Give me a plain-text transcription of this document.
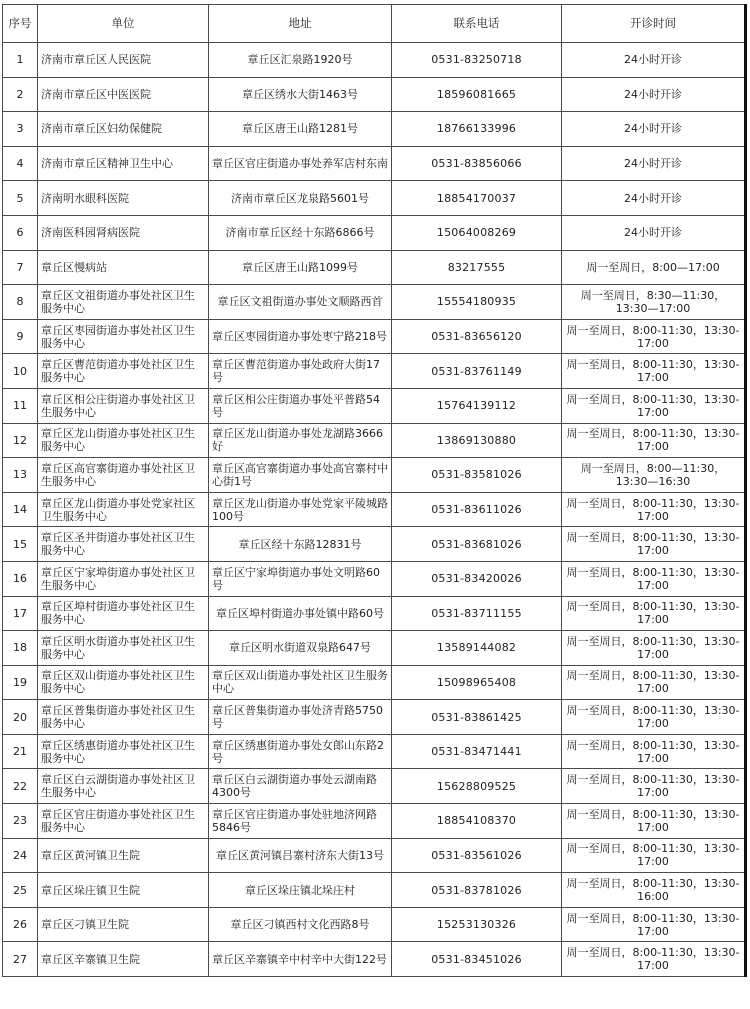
序号	单位	地址	联系电话	开诊时间
1	济南市章丘区人民医院	章丘区汇泉路1920号	0531-83250718	24小时开诊
2	济南市章丘区中医医院	章丘区绣水大街1463号	18596081665	24小时开诊
3	济南市章丘区妇幼保健院	章丘区唐王山路1281号	18766133996	24小时开诊
4	济南市章丘区精神卫生中心	章丘区官庄街道办事处养军店村东南	0531-83856066	24小时开诊
5	济南明水眼科医院	济南市章丘区龙泉路5601号	18854170037	24小时开诊
6	济南医科园肾病医院	济南市章丘区经十东路6866号	15064008269	24小时开诊
7	章丘区慢病站	章丘区唐王山路1099号	83217555	周一至周日，8:00—17:00
8	章丘区文祖街道办事处社区卫生服务中心	章丘区文祖街道办事处文顺路西首	15554180935	周一至周日，8:30—11:30，13:30—17:00
9	章丘区枣园街道办事处社区卫生服务中心	章丘区枣园街道办事处枣宁路218号	0531-83656120	周一至周日，8:00-11:30，13:30-17:00
10	章丘区曹范街道办事处社区卫生服务中心	章丘区曹范街道办事处政府大街17号	0531-83761149	周一至周日，8:00-11:30，13:30-17:00
11	章丘区相公庄街道办事处社区卫生服务中心	章丘区相公庄街道办事处平普路54号	15764139112	周一至周日，8:00-11:30，13:30-17:00
12	章丘区龙山街道办事处社区卫生服务中心	章丘区龙山街道办事处龙湖路3666好	13869130880	周一至周日，8:00-11:30，13:30-17:00
13	章丘区高官寨街道办事处社区卫生服务中心	章丘区高官寨街道办事处高官寨村中心街1号	0531-83581026	周一至周日，8:00—11:30，13:30—16:30
14	章丘区龙山街道办事处党家社区卫生服务中心	章丘区龙山街道办事处党家平陵城路100号	0531-83611026	周一至周日，8:00-11:30，13:30-17:00
15	章丘区圣井街道办事处社区卫生服务中心	章丘区经十东路12831号	0531-83681026	周一至周日，8:00-11:30，13:30-17:00
16	章丘区宁家埠街道办事处社区卫生服务中心	章丘区宁家埠街道办事处文明路60号	0531-83420026	周一至周日，8:00-11:30，13:30-17:00
17	章丘区埠村街道办事处社区卫生服务中心	章丘区埠村街道办事处镇中路60号	0531-83711155	周一至周日，8:00-11:30，13:30-17:00
18	章丘区明水街道办事处社区卫生服务中心	章丘区明水街道双泉路647号	13589144082	周一至周日，8:00-11:30，13:30-17:00
19	章丘区双山街道办事处社区卫生服务中心	章丘区双山街道办事处社区卫生服务中心	15098965408	周一至周日，8:00-11:30，13:30-17:00
20	章丘区普集街道办事处社区卫生服务中心	章丘区普集街道办事处济青路5750号	0531-83861425	周一至周日，8:00-11:30，13:30-17:00
21	章丘区绣惠街道办事处社区卫生服务中心	章丘区绣惠街道办事处女郎山东路2号	0531-83471441	周一至周日，8:00-11:30，13:30-17:00
22	章丘区白云湖街道办事处社区卫生服务中心	章丘区白云湖街道办事处云湖南路4300号	15628809525	周一至周日，8:00-11:30，13:30-17:00
23	章丘区官庄街道办事处社区卫生服务中心	章丘区官庄街道办事处驻地济网路5846号	18854108370	周一至周日，8:00-11:30，13:30-17:00
24	章丘区黄河镇卫生院	章丘区黄河镇吕寨村济东大街13号	0531-83561026	周一至周日，8:00-11:30，13:30-17:00
25	章丘区垛庄镇卫生院	章丘区垛庄镇北垛庄村	0531-83781026	周一至周日，8:00-11:30，13:30-16:00
26	章丘区刁镇卫生院	章丘区刁镇西村文化西路8号	15253130326	周一至周日，8:00-11:30，13:30-17:00
27	章丘区辛寨镇卫生院	章丘区辛寨镇辛中村辛中大街122号	0531-83451026	周一至周日，8:00-11:30，13:30-17:00
